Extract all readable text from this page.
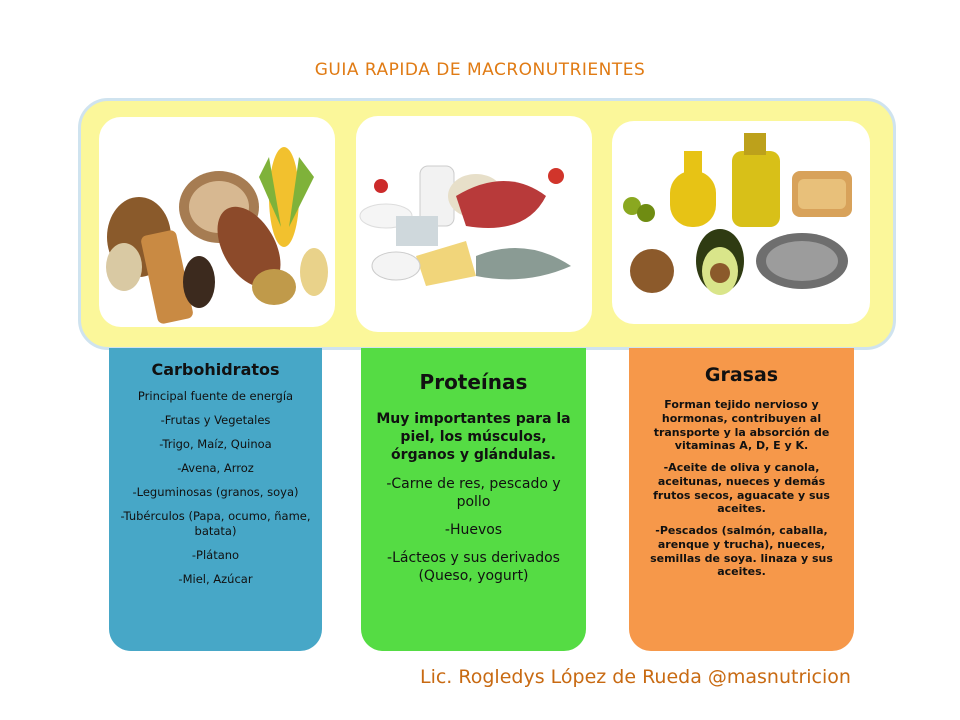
GUIA RAPIDA DE MACRONUTRIENTES
Carbohidratos
Principal fuente de energía
-Frutas y Vegetales
-Trigo, Maíz, Quinoa
-Avena, Arroz
-Leguminosas (granos, soya)
-Tubérculos (Papa, ocumo, ñame, batata)
-Plátano
-Miel, Azúcar
Proteínas
Muy importantes para la piel, los músculos, órganos y glándulas.
-Carne de res, pescado y pollo
-Huevos
-Lácteos y sus derivados (Queso, yogurt)
Grasas
Forman tejido nervioso y hormonas, contribuyen al transporte y la absorción de vitaminas A, D, E y K.
-Aceite de oliva y canola, aceitunas, nueces y demás frutos secos, aguacate y sus aceites.
-Pescados (salmón, caballa, arenque y trucha), nueces, semillas de soya. linaza y sus aceites.
Lic. Rogledys López de Rueda @masnutricion
